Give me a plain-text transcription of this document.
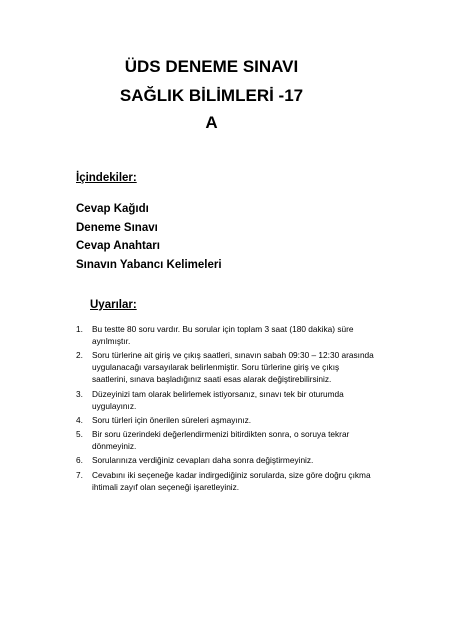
ÜDS DENEME SINAVI
SAĞLIK BİLİMLERİ -17
A
İçindekiler:
Cevap Kağıdı
Deneme Sınavı
Cevap Anahtarı
Sınavın Yabancı Kelimeleri
Uyarılar:
1. Bu testte 80 soru vardır. Bu sorular için toplam 3 saat (180 dakika) süre ayrılmıştır.
2. Soru türlerine ait giriş ve çıkış saatleri, sınavın sabah 09:30 – 12:30 arasında uygulanacağı varsayılarak belirlenmiştir. Soru türlerine giriş ve çıkış saatlerini, sınava başladığınız saati esas alarak değiştirebilirsiniz.
3. Düzeyinizi tam olarak belirlemek istiyorsanız, sınavı tek bir oturumda uygulayınız.
4. Soru türleri için önerilen süreleri aşmayınız.
5. Bir soru üzerindeki değerlendirmenizi bitirdikten sonra, o soruya tekrar dönmeyiniz.
6. Sorularınıza verdiğiniz cevapları daha sonra değiştirmeyiniz.
7. Cevabını iki seçeneğe kadar indirgediğiniz sorularda, size göre doğru çıkma ihtimali zayıf olan seçeneği işaretleyiniz.
